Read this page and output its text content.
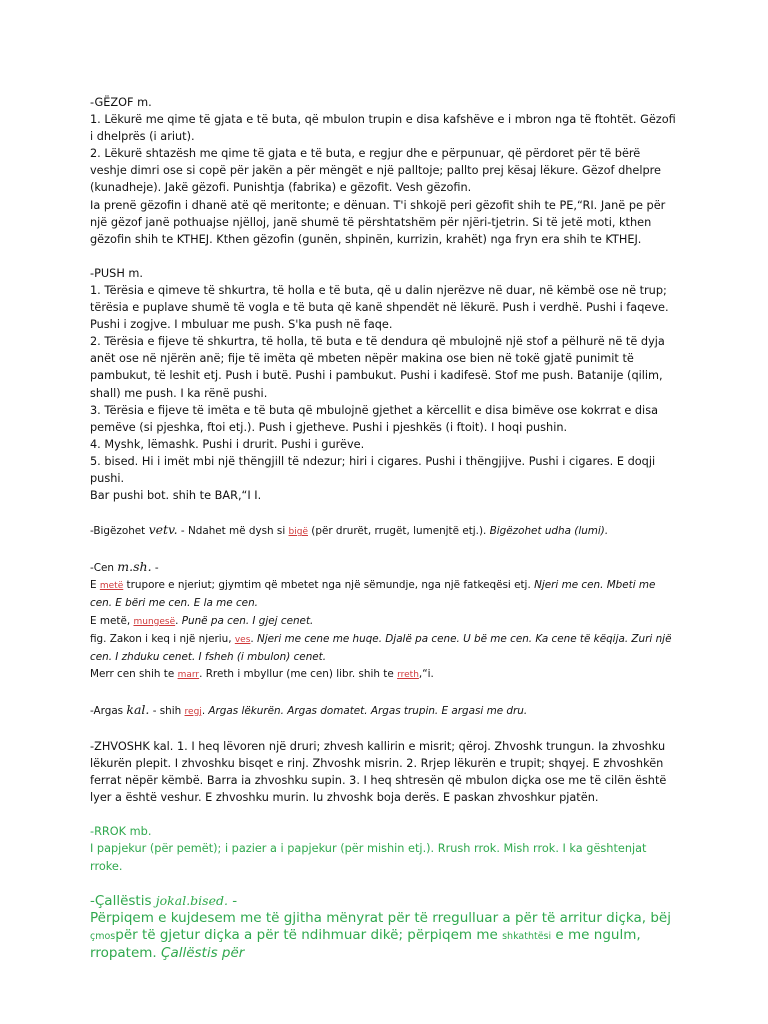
-GËZOF m.

1. Lëkurë me qime të gjata e të buta, që mbulon trupin e disa kafshëve e i mbron nga të ftohtët. Gëzofi i dhelprës (i ariut).

2. Lëkurë shtazësh me qime të gjata e të buta, e regjur dhe e përpunuar, që përdoret për të bërë veshje dimri ose si copë për jakën a për mëngët e një palltoje; pallto prej kësaj lëkure. Gëzof dhelpre (kunadheje). Jakë gëzofi. Punishtja (fabrika) e gëzofit. Vesh gëzofin.

Ia prenë gëzofin i dhanë atë që meritonte; e dënuan. T'i shkojë peri gëzofit shih te PE,“RI. Janë pe për një gëzof janë pothuajse njëlloj, janë shumë të përshtatshëm për njëri-tjetrin. Si të jetë moti, kthen gëzofin shih te KTHEJ. Kthen gëzofin (gunën, shpinën, kurrizin, krahët) nga fryn era shih te KTHEJ.

-PUSH m.

1. Tërësia e qimeve të shkurtra, të holla e të buta, që u dalin njerëzve në duar, në këmbë ose në trup; tërësia e puplave shumë të vogla e të buta që kanë shpendët në lëkurë. Push i verdhë. Pushi i faqeve. Pushi i zogjve. I mbuluar me push. S'ka push në faqe.

2. Tërësia e fijeve të shkurtra, të holla, të buta e të dendura që mbulojnë një stof a pëlhurë në të dyja anët ose në njërën anë; fije të imëta që mbeten nëpër makina ose bien në tokë gjatë punimit të pambukut, të leshit etj. Push i butë. Pushi i pambukut. Pushi i kadifesë. Stof me push. Batanije (qilim, shall) me push. I ka rënë pushi.

3. Tërësia e fijeve të imëta e të buta që mbulojnë gjethet a kërcellit e disa bimëve ose kokrrat e disa pemëve (si pjeshka, ftoi etj.). Push i gjetheve. Pushi i pjeshkës (i ftoit). I hoqi pushin.

4. Myshk, lëmashk. Pushi i drurit. Pushi i gurëve.

5. bised. Hi i imët mbi një thëngjill të ndezur; hiri i cigares. Pushi i thëngjijve. Pushi i cigares. E doqji pushi.

Bar pushi bot. shih te BAR,“I I.

-Bigëzohet vetv. - Ndahet më dysh si bigë (për drurët, rrugët, lumenjtë etj.). Bigëzohet udha (lumi).

-Cen m.sh. -

E metë trupore e njeriut; gjymtim që mbetet nga një sëmundje, nga një fatkeqësi etj. Njeri me cen. Mbeti me cen. E bëri me cen. E la me cen.

E metë, mungesë. Punë pa cen. I gjej cenet.

fig. Zakon i keq i një njeriu, ves. Njeri me cene me huqe. Djalë pa cene. U bë me cen. Ka cene të këqija. Zuri një cen. I zhduku cenet. I fsheh (i mbulon) cenet.

Merr cen shih te marr. Rreth i mbyllur (me cen) libr. shih te rreth,“i.

-Argas kal. - shih regj. Argas lëkurën. Argas domatet. Argas trupin. E argasi me dru.

-ZHVOSHK kal. 1. I heq lëvoren një druri; zhvesh kallirin e misrit; qëroj. Zhvoshk trungun. Ia zhvoshku lëkurën plepit. I zhvoshku bisqet e rinj. Zhvoshk misrin. 2. Rrjep lëkurën e trupit; shqyej. E zhvoshkën ferrat nëpër këmbë. Barra ia zhvoshku supin. 3. I heq shtresën që mbulon diçka ose me të cilën është lyer a është veshur. E zhvoshku murin. Iu zhvoshk boja derës. E paskan zhvoshkur pjatën.

-RROK mb.

I papjekur (për pemët); i pazier a i papjekur (për mishin etj.). Rrush rrok. Mish rrok. I ka gështenjat rroke.

-Çallëstis jokal.bised. -

Përpiqem e kujdesem me të gjitha mënyrat për të rregulluar a për të arritur diçka, bëj çmospër të gjetur diçka a për të ndihmuar dikë; përpiqem me shkathtësi e me ngulm, rropatem. Çallëstis për
